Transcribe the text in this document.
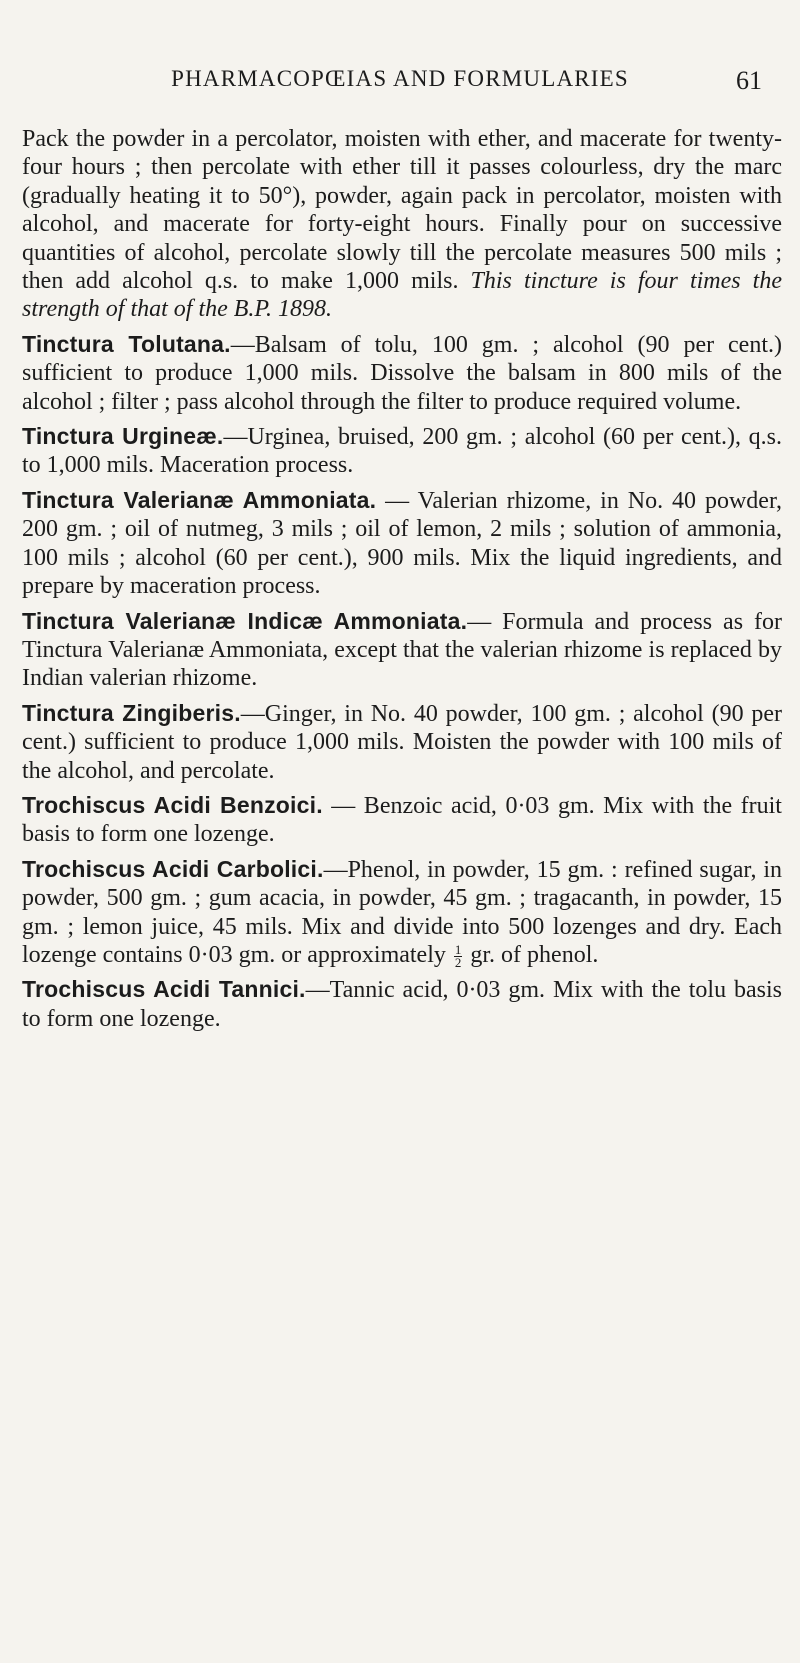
PHARMACOPŒIAS AND FORMULARIES	61

Pack the powder in a percolator, moisten with ether, and macerate for twenty-four hours ; then percolate with ether till it passes colourless, dry the marc (gradually heating it to 50°), powder, again pack in percolator, moisten with alcohol, and macerate for forty-eight hours. Finally pour on successive quantities of alcohol, percolate slowly till the percolate measures 500 mils ; then add alcohol q.s. to make 1,000 mils. This tincture is four times the strength of that of the B.P. 1898.

Tinctura Tolutana.—Balsam of tolu, 100 gm. ; alcohol (90 per cent.) sufficient to produce 1,000 mils. Dissolve the balsam in 800 mils of the alcohol ; filter ; pass alcohol through the filter to produce required volume.

Tinctura Urgineæ.—Urginea, bruised, 200 gm. ; alcohol (60 per cent.), q.s. to 1,000 mils. Maceration process.

Tinctura Valerianæ Ammoniata. — Valerian rhizome, in No. 40 powder, 200 gm. ; oil of nutmeg, 3 mils ; oil of lemon, 2 mils ; solution of ammonia, 100 mils ; alcohol (60 per cent.), 900 mils. Mix the liquid ingredients, and prepare by maceration process.

Tinctura Valerianæ Indicæ Ammoniata.— Formula and process as for Tinctura Valerianæ Ammoniata, except that the valerian rhizome is replaced by Indian valerian rhizome.

Tinctura Zingiberis.—Ginger, in No. 40 powder, 100 gm. ; alcohol (90 per cent.) sufficient to produce 1,000 mils. Moisten the powder with 100 mils of the alcohol, and percolate.

Trochiscus Acidi Benzoici. — Benzoic acid, 0·03 gm. Mix with the fruit basis to form one lozenge.

Trochiscus Acidi Carbolici.—Phenol, in powder, 15 gm. : refined sugar, in powder, 500 gm. ; gum acacia, in powder, 45 gm. ; tragacanth, in powder, 15 gm. ; lemon juice, 45 mils. Mix and divide into 500 lozenges and dry. Each lozenge contains 0·03 gm. or approximately $\frac{1}{2}$ gr. of phenol.

Trochiscus Acidi Tannici.—Tannic acid, 0·03 gm. Mix with the tolu basis to form one lozenge.
